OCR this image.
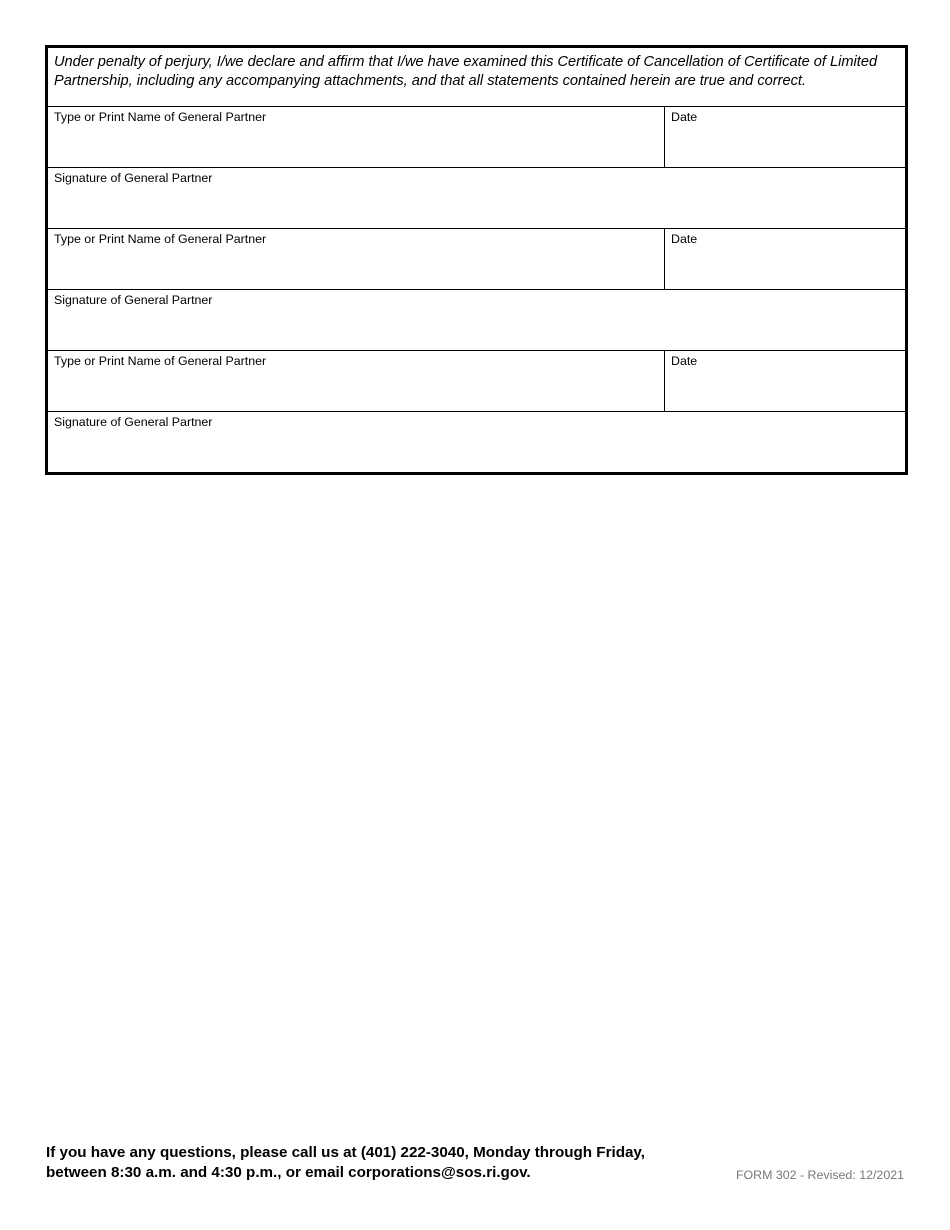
Under penalty of perjury, I/we declare and affirm that I/we have examined this Certificate of Cancellation of Certificate of Limited Partnership, including any accompanying attachments, and that all statements contained herein are true and correct.
Type or Print Name of General Partner	Date
Signature of General Partner
Type or Print Name of General Partner	Date
Signature of General Partner
Type or Print Name of General Partner	Date
Signature of General Partner
If you have any questions, please call us at (401) 222-3040, Monday through Friday,
between 8:30 a.m. and 4:30 p.m., or email corporations@sos.ri.gov.	FORM 302 - Revised: 12/2021
